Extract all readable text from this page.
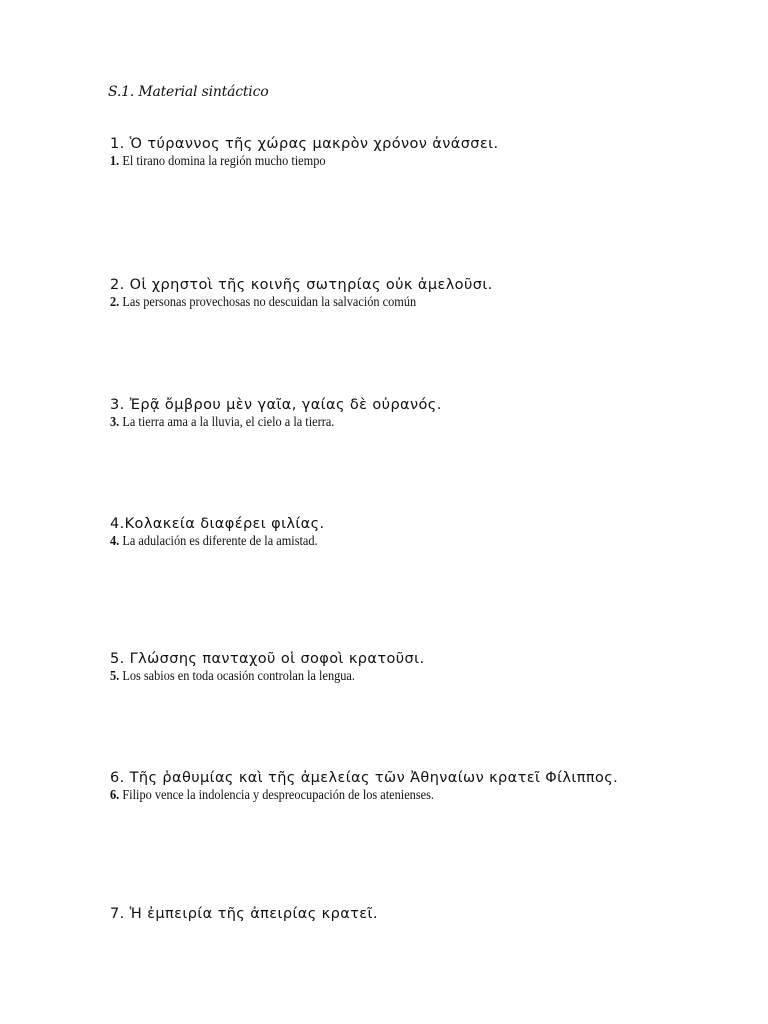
S.1. Material sintáctico
1. Ὁ τύραννος τῆς χώρας μακρὸν χρόνον ἀνάσσει.
1. El tirano domina la región mucho tiempo
2. Οἱ χρηστοὶ τῆς κοινῆς σωτηρίας οὐκ ἀμελοῦσι.
2. Las personas provechosas no descuidan la salvación común
3. Ἐρᾷ ὄμβρου μὲν γαῖα, γαίας δὲ οὐρανός.
3. La tierra ama a la lluvia, el cielo a la tierra.
4.Κολακεία διαφέρει φιλίας.
4. La adulación es diferente de la amistad.
5. Γλώσσης πανταχοῦ οἱ σοφοὶ κρατοῦσι.
5. Los sabios en toda ocasión controlan la lengua.
6. Τῆς ῥαθυμίας καὶ τῆς ἀμελείας τῶν Ἀθηναίων κρατεῖ Φίλιππος.
6. Filipo vence la indolencia y despreocupación de los atenienses.
7. Ἡ ἐμπειρία τῆς ἀπειρίας κρατεῖ.
